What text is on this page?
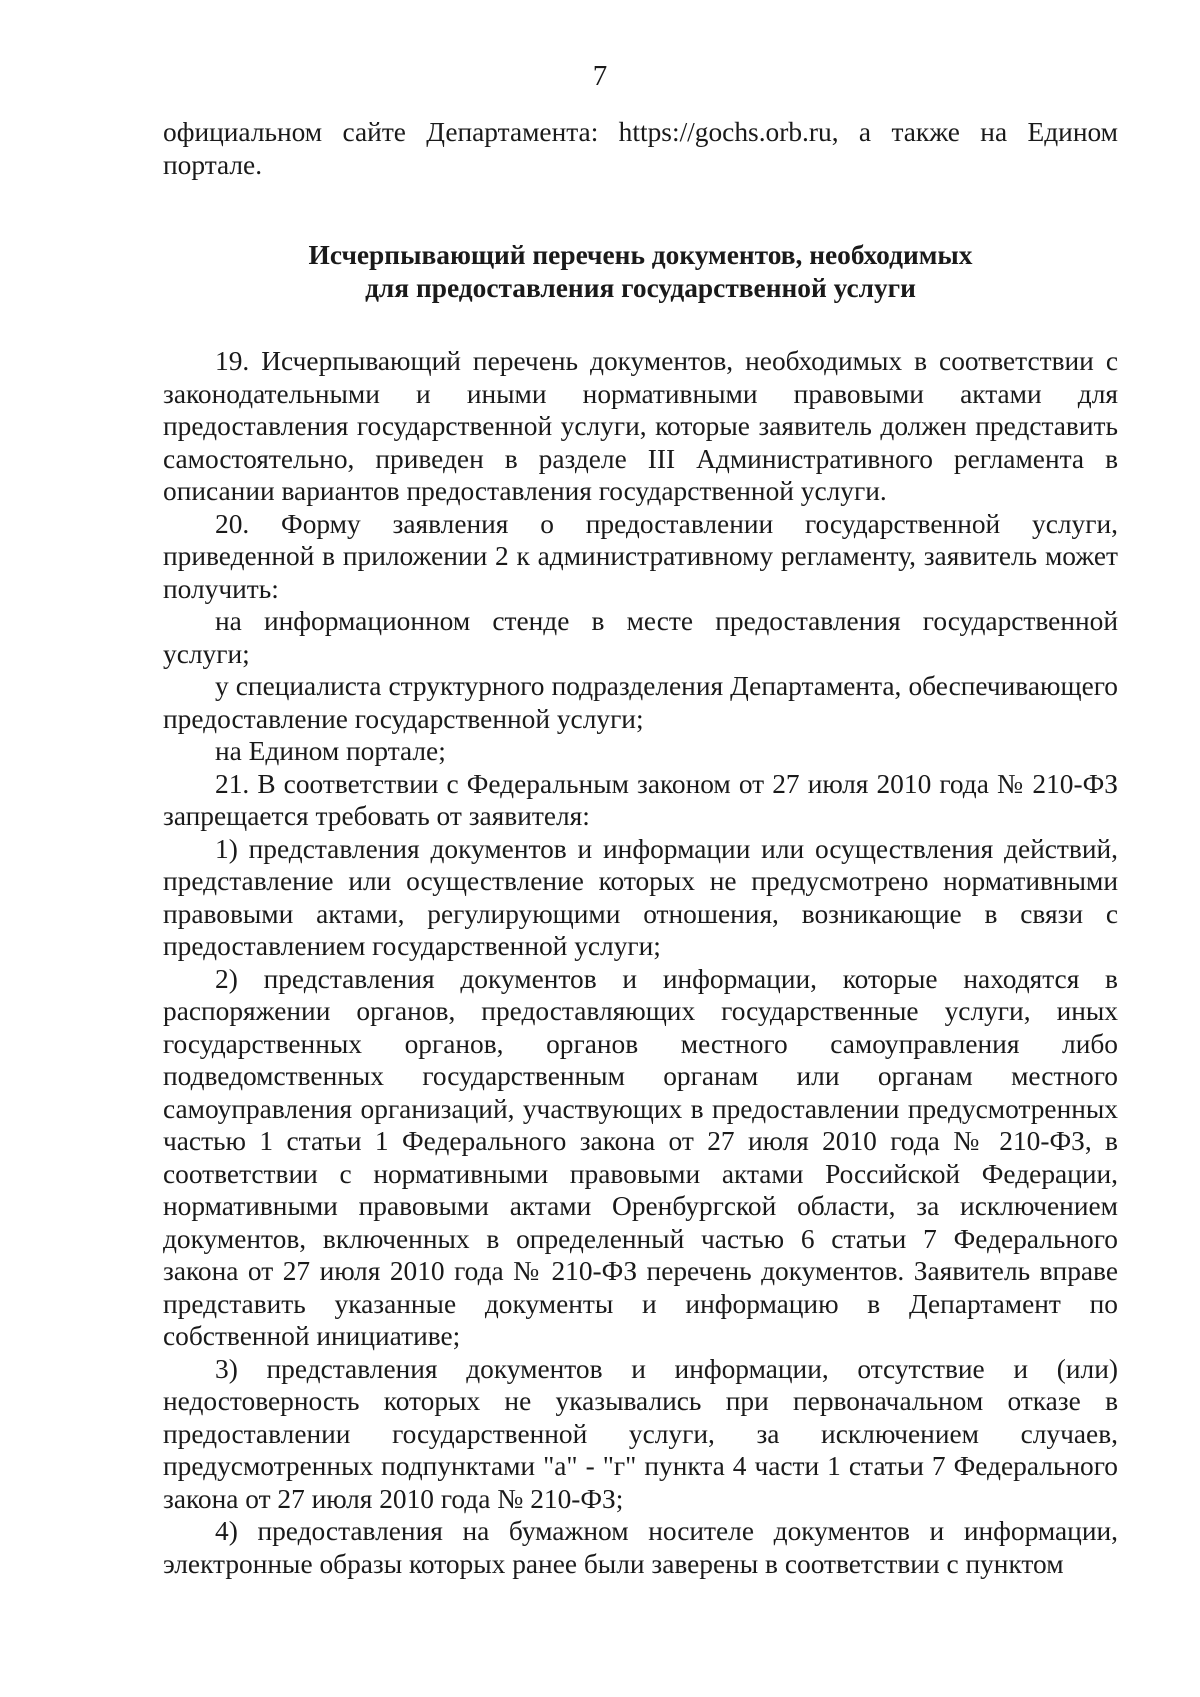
7

официальном сайте Департамента: https://gochs.orb.ru, а также на Едином портале.

Исчерпывающий перечень документов, необходимых
для предоставления государственной услуги

19. Исчерпывающий перечень документов, необходимых в соответствии с законодательными и иными нормативными правовыми актами для предоставления государственной услуги, которые заявитель должен представить самостоятельно, приведен в разделе III Административного регламента в описании вариантов предоставления государственной услуги.

20. Форму заявления о предоставлении государственной услуги, приведенной в приложении 2 к административному регламенту, заявитель может получить:

на информационном стенде в месте предоставления государственной услуги;

у специалиста структурного подразделения Департамента, обеспечивающего предоставление государственной услуги;

на Едином портале;

21. В соответствии с Федеральным законом от 27 июля 2010 года № 210-ФЗ запрещается требовать от заявителя:

1) представления документов и информации или осуществления действий, представление или осуществление которых не предусмотрено нормативными правовыми актами, регулирующими отношения, возникающие в связи с предоставлением государственной услуги;

2) представления документов и информации, которые находятся в распоряжении органов, предоставляющих государственные услуги, иных государственных органов, органов местного самоуправления либо подведомственных государственным органам или органам местного самоуправления организаций, участвующих в предоставлении предусмотренных частью 1 статьи 1 Федерального закона от 27 июля 2010 года № 210-ФЗ, в соответствии с нормативными правовыми актами Российской Федерации, нормативными правовыми актами Оренбургской области, за исключением документов, включенных в определенный частью 6 статьи 7 Федерального закона от 27 июля 2010 года № 210-ФЗ перечень документов. Заявитель вправе представить указанные документы и информацию в Департамент по собственной инициативе;

3) представления документов и информации, отсутствие и (или) недостоверность которых не указывались при первоначальном отказе в предоставлении государственной услуги, за исключением случаев, предусмотренных подпунктами "а" - "г" пункта 4 части 1 статьи 7 Федерального закона от 27 июля 2010 года № 210-ФЗ;

4) предоставления на бумажном носителе документов и информации, электронные образы которых ранее были заверены в соответствии с пунктом
